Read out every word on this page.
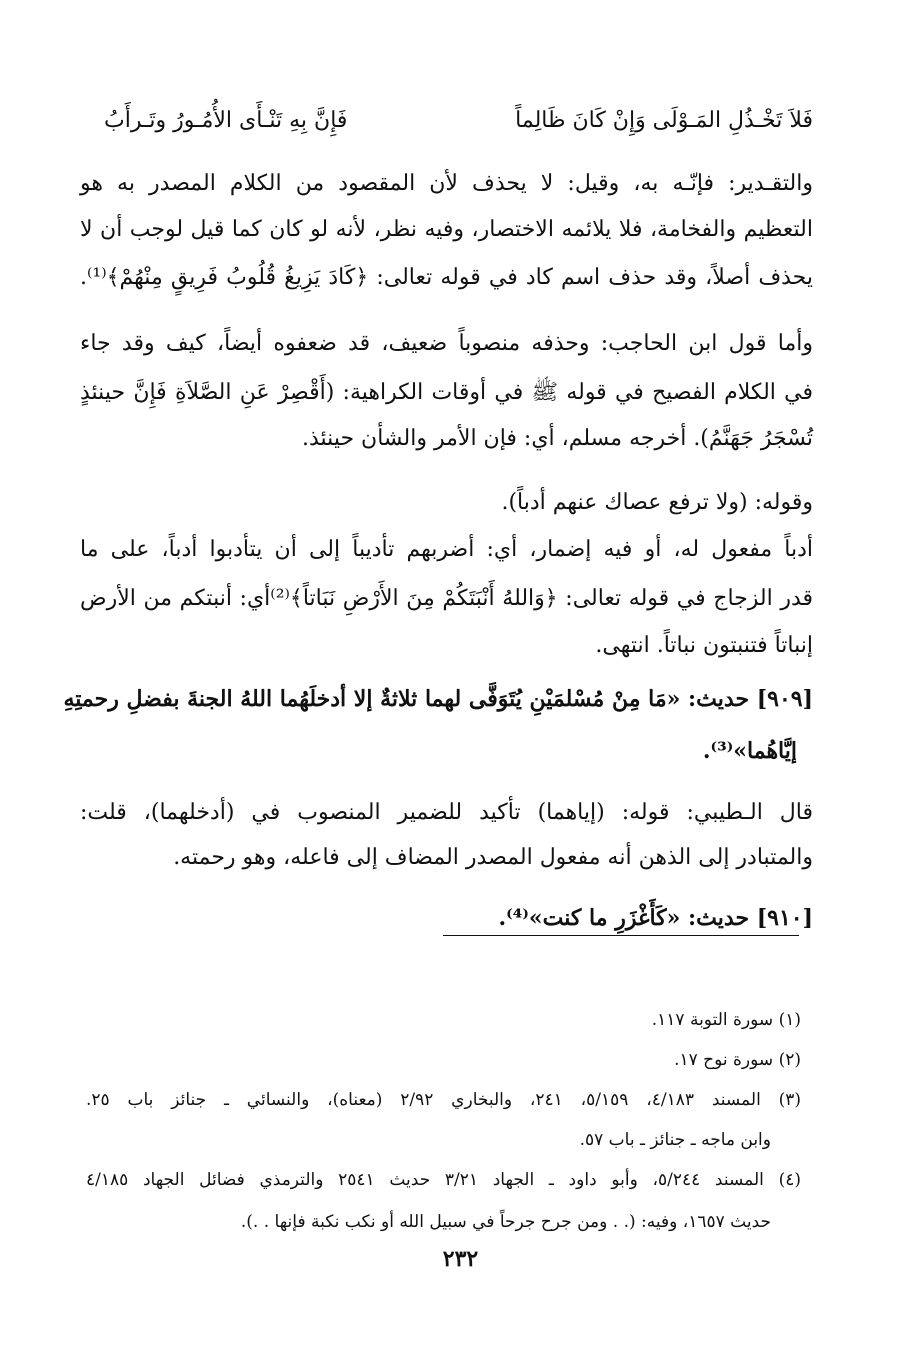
فَلاَ تَخْـذُلِ المَـوْلَى وَإِنْ كَانَ ظَالِماً
فَإِنَّ بِهِ تَنْـأَى الأُمُـورُ وتَـرأَبُ
والتقـدير: فإنّـه به، وقيل: لا يحذف لأن المقصود من الكلام المصدر به هو
التعظيم والفخامة، فلا يلائمه الاختصار، وفيه نظر، لأنه لو كان كما قيل لوجب أن لا
يحذف أصلاً، وقد حذف اسم كاد في قوله تعالى: ﴿كَادَ يَزِيغُ قُلُوبُ فَرِيقٍ مِنْهُمْ﴾⁽¹⁾.
وأما قول ابن الحاجب: وحذفه منصوباً ضعيف، قد ضعفوه أيضاً، كيف وقد جاء
في الكلام الفصيح في قوله ﷺ في أوقات الكراهية: (أَقْصِرْ عَنِ الصَّلاَةِ فَإِنَّ حينئذٍ
تُسْجَرُ جَهَنَّمُ). أخرجه مسلم، أي: فإن الأمر والشأن حينئذ.
وقوله: (ولا ترفع عصاك عنهم أدباً).
أدباً مفعول له، أو فيه إضمار، أي: أضربهم تأديباً إلى أن يتأدبوا أدباً، على ما
قدر الزجاج في قوله تعالى: ﴿وَاللهُ أَنْبَتَكُمْ مِنَ الأَرْضِ نَبَاتاً﴾⁽²⁾أي: أنبتكم من الأرض
إنباتاً فتنبتون نباتاً. انتهى.
[٩٠٩] حديث: «مَا مِنْ مُسْلمَيْنِ يُتَوَفَّى لهما ثلاثةٌ إلا أدخلَهُما اللهُ الجنةَ بفضلِ رحمتِهِ
إيَّاهُما»⁽³⁾.
قال الـطيبي: قوله: (إياهما) تأكيد للضمير المنصوب في (أدخلهما)، قلت:
والمتبادر إلى الذهن أنه مفعول المصدر المضاف إلى فاعله، وهو رحمته.
[٩١٠] حديث: «كَأَغْزَرِ ما كنت»⁽⁴⁾.
(١) سورة التوبة ١١٧.
(٢) سورة نوح ١٧.
(٣) المسند ٤/١٨٣، ٥/١٥٩، ٢٤١، والبخاري ٢/٩٢ (معناه)، والنسائي ـ جنائز باب ٢٥.
وابن ماجه ـ جنائز ـ باب ٥٧.
(٤) المسند ٥/٢٤٤، وأبو داود ـ الجهاد ٣/٢١ حديث ٢٥٤١ والترمذي فضائل الجهاد ٤/١٨٥
حديث ١٦٥٧، وفيه: (. . ومن جرح جرحاً في سبيل الله أو نكب نكبة فإنها . .).
٢٣٢
